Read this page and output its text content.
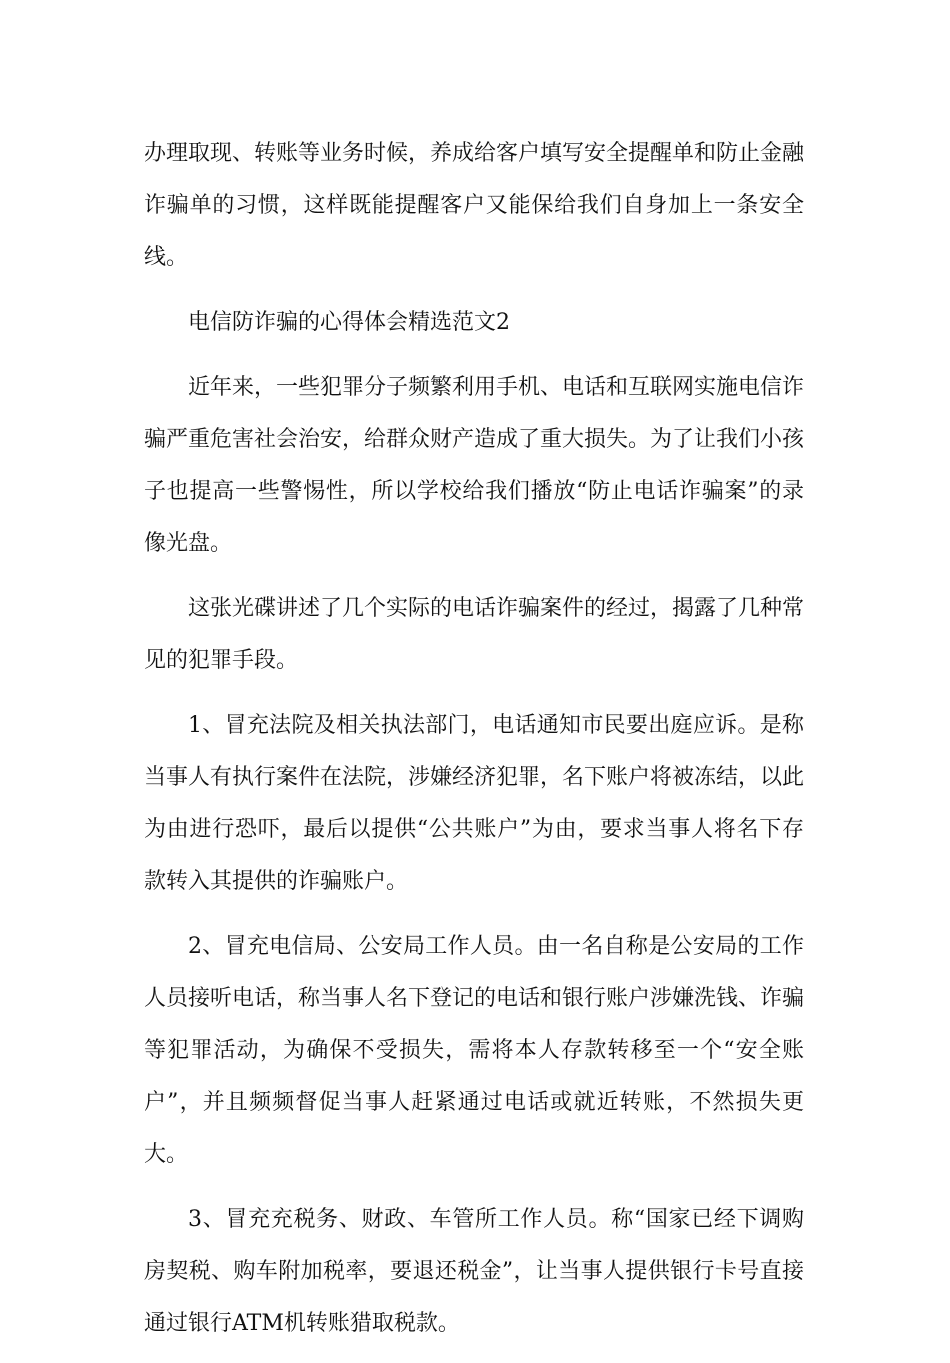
办理取现、转账等业务时候，养成给客户填写安全提醒单和防止金融诈骗单的习惯，这样既能提醒客户又能保给我们自身加上一条安全线。

电信防诈骗的心得体会精选范文2

近年来，一些犯罪分子频繁利用手机、电话和互联网实施电信诈骗严重危害社会治安，给群众财产造成了重大损失。为了让我们小孩子也提高一些警惕性，所以学校给我们播放“防止电话诈骗案”的录像光盘。

这张光碟讲述了几个实际的电话诈骗案件的经过，揭露了几种常见的犯罪手段。

1、冒充法院及相关执法部门，电话通知市民要出庭应诉。是称当事人有执行案件在法院，涉嫌经济犯罪，名下账户将被冻结，以此为由进行恐吓，最后以提供“公共账户”为由，要求当事人将名下存款转入其提供的诈骗账户。

2、冒充电信局、公安局工作人员。由一名自称是公安局的工作人员接听电话，称当事人名下登记的电话和银行账户涉嫌洗钱、诈骗等犯罪活动，为确保不受损失，需将本人存款转移至一个“安全账户”，并且频频督促当事人赶紧通过电话或就近转账，不然损失更大。

3、冒充充税务、财政、车管所工作人员。称“国家已经下调购房契税、购车附加税率，要退还税金”，让当事人提供银行卡号直接通过银行ATM机转账猎取税款。
